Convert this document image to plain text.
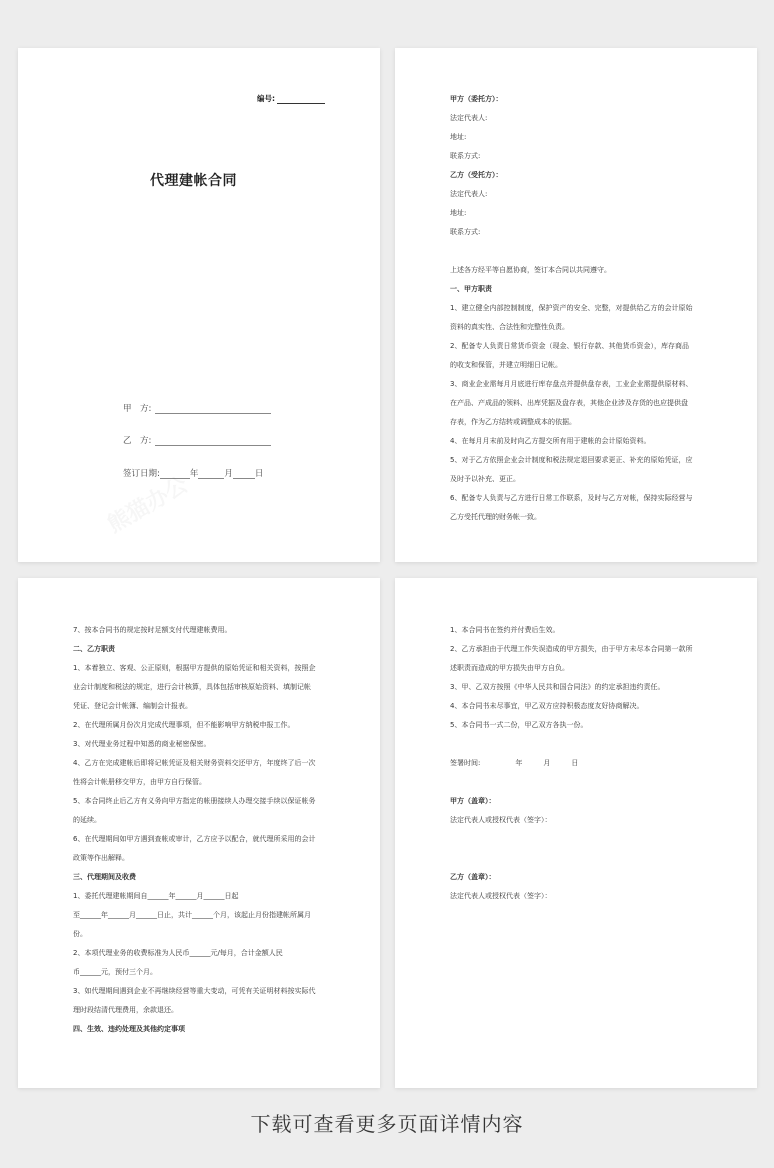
编号:
代理建帐合同
甲　方:
乙　方:
签订日期:	年	月	日
甲方（委托方）：
法定代表人:
地址:
联系方式:
乙方（受托方）：
法定代表人:
地址:
联系方式:
上述各方经平等自愿协商，签订本合同以共同遵守。
一、甲方职责
1、建立健全内部控制制度，保护资产的安全、完整，对提供给乙方的会计原始
资料的真实性、合法性和完整性负责。
2、配备专人负责日常货币资金（现金、银行存款、其他货币资金），库存商品
的收支和保管，并建立明细日记帐。
3、商业企业需每月月底进行库存盘点并提供盘存表，工业企业需提供原材料、
在产品、产成品的领料、出库凭据及盘存表，其他企业涉及存货的也应提供盘
存表，作为乙方结转或调整成本的依据。
4、在每月月末前及时向乙方提交所有用于建帐的会计原始资料。
5、对于乙方依照企业会计制度和税法规定退回要求更正、补充的原始凭证，应
及时予以补充、更正。
6、配备专人负责与乙方进行日常工作联系，及时与乙方对帐，保持实际经营与
乙方受托代理的财务帐一致。
7、按本合同书的规定按时足额支付代理建帐费用。
二、乙方职责
1、本着独立、客观、公正原则，根据甲方提供的原始凭证和相关资料，按照企
业会计制度和税法的规定，进行会计核算，具体包括审核原始资料、填制记帐
凭证、登记会计帐簿、编制会计报表。
2、在代理所属月份次月完成代理事项，但不能影响甲方纳税申报工作。
3、对代理业务过程中知悉的商业秘密保密。
4、乙方在完成建帐后即将记帐凭证及相关财务资料交还甲方，年度终了后一次
性将会计帐册移交甲方，由甲方自行保管。
5、本合同终止后乙方有义务向甲方指定的帐册接续人办理交接手续以保证帐务
的延续。
6、在代理期间如甲方遇到查帐或审计，乙方应予以配合，就代理所采用的会计
政策等作出解释。
三、代理期间及收费
1、委托代理建帐期间自______年______月______日起
至______年______月______日止，共计______个月，该起止月份指建帐所属月
份。
2、本项代理业务的收费标准为人民币______元/每月，合计金额人民
币______元，预付三个月。
3、如代理期间遇到企业不再继续经营等重大变动，可凭有关证明材料按实际代
理时段结清代理费用，余款退还。
四、生效、违约处理及其他约定事项
1、本合同书在签约并付费后生效。
2、乙方承担由于代理工作失误造成的甲方损失，由于甲方未尽本合同第一款所
述职责而造成的甲方损失由甲方自负。
3、甲、乙双方按照《中华人民共和国合同法》的约定承担违约责任。
4、本合同书未尽事宜，甲乙双方应持积极态度友好协商解决。
5、本合同书一式二份，甲乙双方各执一份。
签署时间:　　　　　年　　　月　　　日
甲方（盖章）：
法定代表人或授权代表（签字）：
乙方（盖章）：
法定代表人或授权代表（签字）：
下载可查看更多页面详情内容
